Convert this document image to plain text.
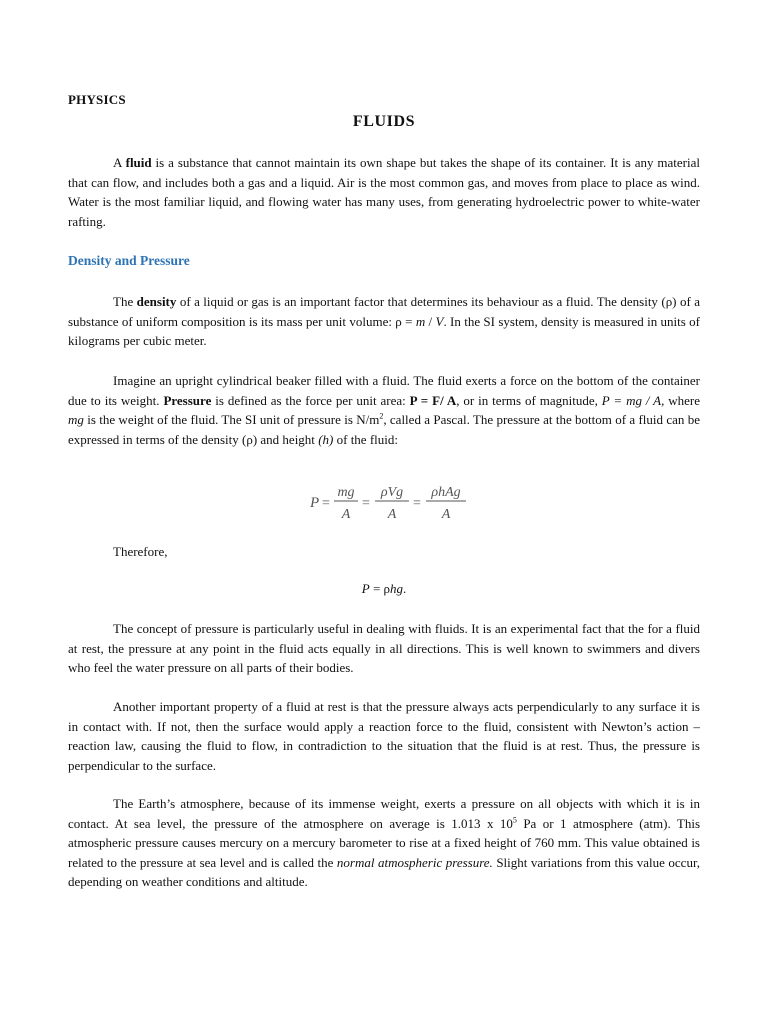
PHYSICS
FLUIDS

A fluid is a substance that cannot maintain its own shape but takes the shape of its container. It is any material that can flow, and includes both a gas and a liquid. Air is the most common gas, and moves from place to place as wind. Water is the most familiar liquid, and flowing water has many uses, from generating hydroelectric power to white-water rafting.

Density and Pressure

The density of a liquid or gas is an important factor that determines its behaviour as a fluid. The density (ρ) of a substance of uniform composition is its mass per unit volume: ρ = m / V. In the SI system, density is measured in units of kilograms per cubic meter.

Imagine an upright cylindrical beaker filled with a fluid. The fluid exerts a force on the bottom of the container due to its weight. Pressure is defined as the force per unit area: P = F/ A, or in terms of magnitude, P = mg / A, where mg is the weight of the fluid. The SI unit of pressure is $N/m^2$, called a Pascal. The pressure at the bottom of a fluid can be expressed in terms of the density (ρ) and height (h) of the fluid:

P =
mg
A
=
ρVg
A
=
ρhAg
A
Therefore,
P = ρhg.

The concept of pressure is particularly useful in dealing with fluids. It is an experimental fact that the for a fluid at rest, the pressure at any point in the fluid acts equally in all directions. This is well known to swimmers and divers who feel the water pressure on all parts of their bodies.

Another important property of a fluid at rest is that the pressure always acts perpendicularly to any surface it is in contact with. If not, then the surface would apply a reaction force to the fluid, consistent with Newton’s action – reaction law, causing the fluid to flow, in contradiction to the situation that the fluid is at rest. Thus, the pressure is perpendicular to the surface.

The Earth’s atmosphere, because of its immense weight, exerts a pressure on all objects with which it is in contact. At sea level, the pressure of the atmosphere on average is 1.013 x $10^5$ Pa or 1 atmosphere (atm). This atmospheric pressure causes mercury on a mercury barometer to rise at a fixed height of 760 mm. This value obtained is related to the pressure at sea level and is called the normal atmospheric pressure. Slight variations from this value occur, depending on weather conditions and altitude.
